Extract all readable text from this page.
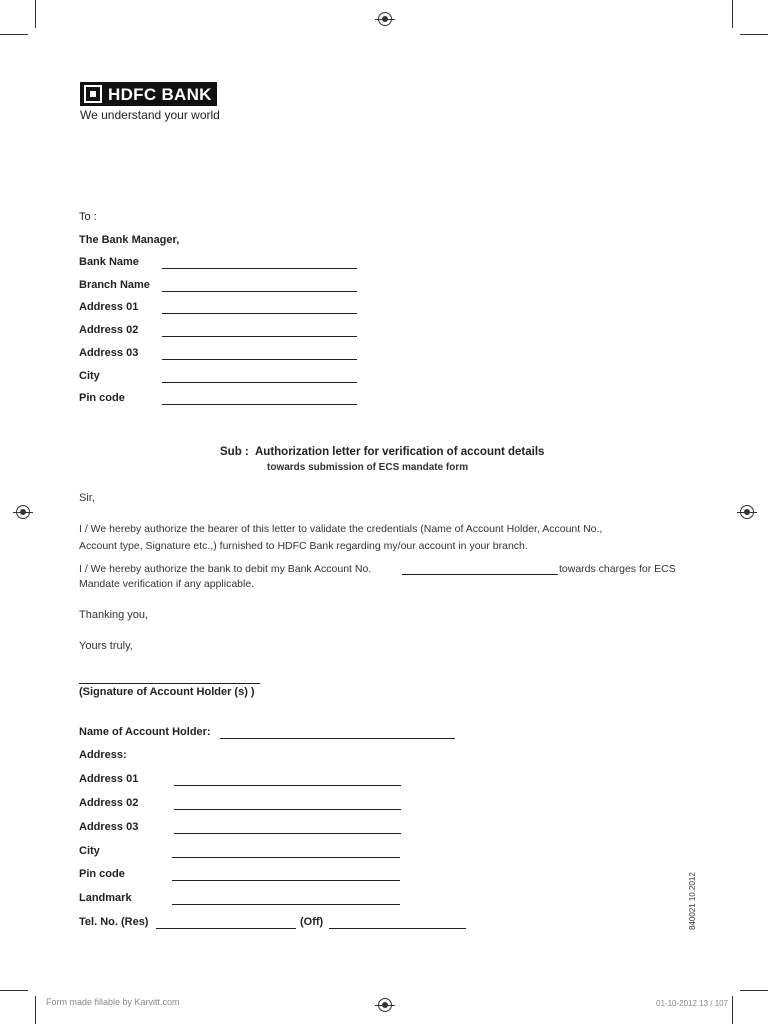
HDFC BANK
We understand your world
To :
The Bank Manager,
Bank Name
Branch Name
Address 01
Address 02
Address 03
City
Pin code
Sub : Authorization letter for verification of account details
towards submission of ECS mandate form
Sir,
I / We hereby authorize the bearer of this letter to validate the credentials (Name of Account Holder, Account No.,
Account type, Signature etc.,) furnished to HDFC Bank regarding my/our account in your branch.
I / We hereby authorize the bank to debit my Bank Account No.	towards charges for ECS
Mandate verification if any applicable.
Thanking you,
Yours truly,
(Signature of Account Holder (s) )
Name of Account Holder:
Address:
Address 01
Address 02
Address 03
City
Pin code
Landmark
Tel. No. (Res)	(Off)	840021 10.2012
Form made fillable by Karvitt.com	01-10-2012 13 / 107
